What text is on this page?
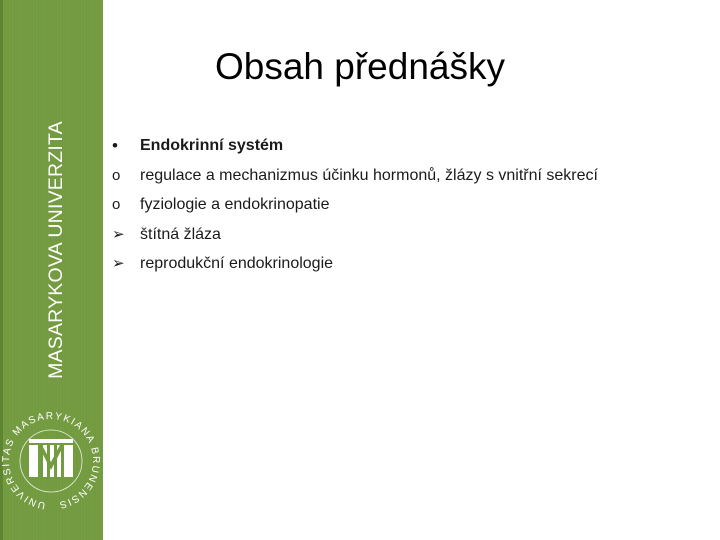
MASARYKOVA UNIVERZITA
UNIVERSITAS MASARYKIANA BRUNENSIS
Obsah přednášky
•	Endokrinní systém
o	regulace a mechanizmus účinku hormonů, žlázy s vnitřní sekrecí
o	fyziologie a endokrinopatie
➢ štítná žláza
➢ reprodukční endokrinologie
